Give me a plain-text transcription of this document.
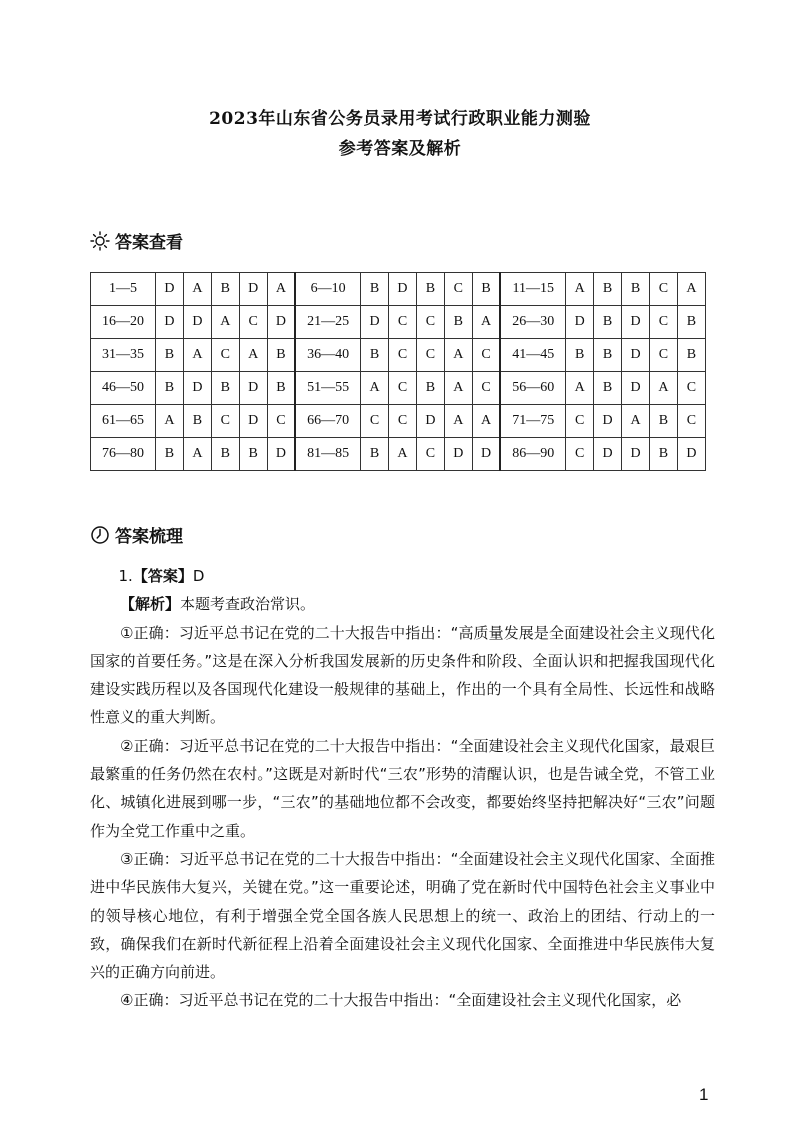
2023年山东省公务员录用考试行政职业能力测验
参考答案及解析
答案查看
1—5	D	A	B	D	A	6—10	B	D	B	C	B	11—15	A	B	B	C	A
16—20	D	D	A	C	D	21—25	D	C	C	B	A	26—30	D	B	D	C	B
31—35	B	A	C	A	B	36—40	B	C	C	A	C	41—45	B	B	D	C	B
46—50	B	D	B	D	B	51—55	A	C	B	A	C	56—60	A	B	D	A	C
61—65	A	B	C	D	C	66—70	C	C	D	A	A	71—75	C	D	A	B	C
76—80	B	A	B	B	D	81—85	B	A	C	D	D	86—90	C	D	D	B	D
答案梳理

1.【答案】D

【解析】本题考查政治常识。

①正确：习近平总书记在党的二十大报告中指出：“高质量发展是全面建设社会主义现代化国家的首要任务。”这是在深入分析我国发展新的历史条件和阶段、全面认识和把握我国现代化建设实践历程以及各国现代化建设一般规律的基础上，作出的一个具有全局性、长远性和战略性意义的重大判断。

②正确：习近平总书记在党的二十大报告中指出：“全面建设社会主义现代化国家，最艰巨最繁重的任务仍然在农村。”这既是对新时代“三农”形势的清醒认识，也是告诫全党，不管工业化、城镇化进展到哪一步，“三农”的基础地位都不会改变，都要始终坚持把解决好“三农”问题作为全党工作重中之重。

③正确：习近平总书记在党的二十大报告中指出：“全面建设社会主义现代化国家、全面推进中华民族伟大复兴，关键在党。”这一重要论述，明确了党在新时代中国特色社会主义事业中的领导核心地位，有利于增强全党全国各族人民思想上的统一、政治上的团结、行动上的一致，确保我们在新时代新征程上沿着全面建设社会主义现代化国家、全面推进中华民族伟大复兴的正确方向前进。

④正确：习近平总书记在党的二十大报告中指出：“全面建设社会主义现代化国家，必

1
